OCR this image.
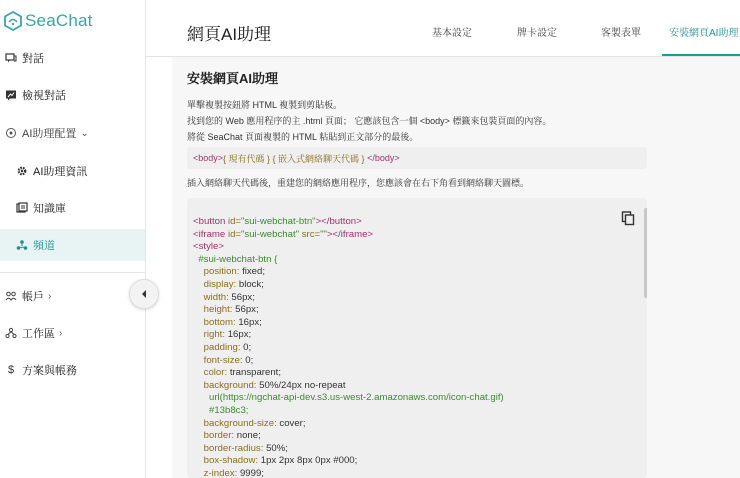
SeaChat
對話
檢視對話
AI助理配置 ⌄
AI助理資訊
知識庫
頻道
帳戶 ›
工作區 ›
$ 方案與帳務
網頁AI助理	基本設定	牌卡設定	客製表單	安裝網頁AI助理
安裝網頁AI助理
單擊複製按鈕將 HTML 複製到剪貼板。
找到您的 Web 應用程序的主 .html 頁面； 它應該包含一個 <body> 標籤來包裝頁面的內容。
將從 SeaChat 頁面複製的 HTML 粘貼到正文部分的最後。
<body> { 現有代碼 } { 嵌入式網絡聊天代碼 }
</body>
插入網絡聊天代碼後，重建您的網絡應用程序，您應該會在右下角看到網絡聊天圖標。
<button id="sui-webchat-btn"></button>
<iframe id="sui-webchat" src=""></iframe>
<style>
#sui-webchat-btn {
position: fixed;
display: block;
width: 56px;
height: 56px;
bottom: 16px;
right: 16px;
padding: 0;
font-size: 0;
color: transparent;
background: 50%/24px no-repeat
url(https://ngchat-api-dev.s3.us-west-2.amazonaws.com/icon-chat.gif)
#13b8c3;
background-size: cover;
border: none;
border-radius: 50%;
box-shadow: 1px 2px 8px 0px #000;
z-index: 9999;
